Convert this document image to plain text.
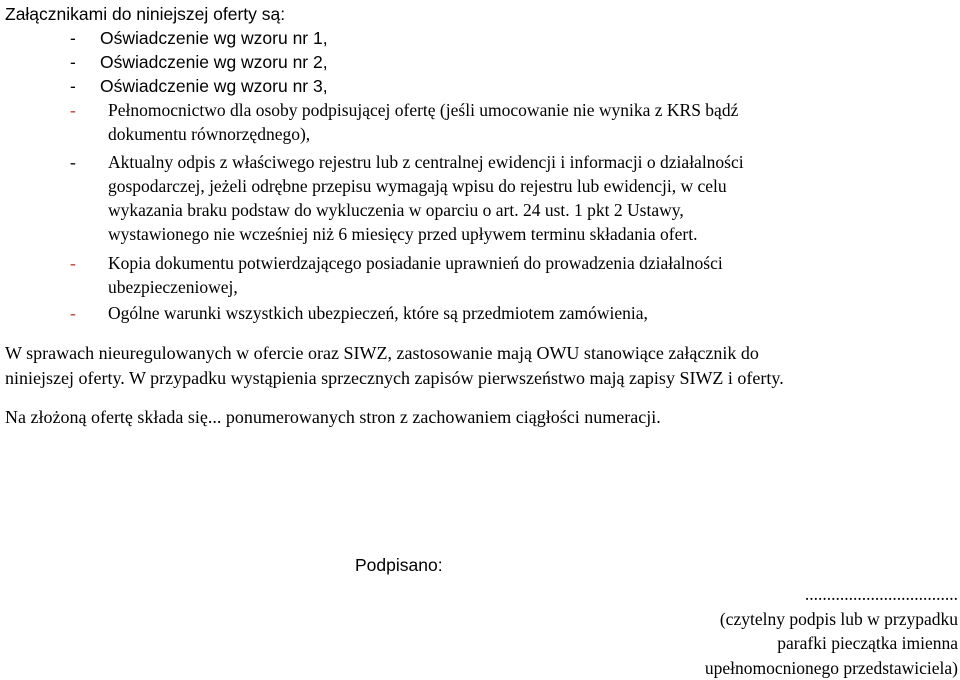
Załącznikami do niniejszej oferty są:
-	Oświadczenie wg wzoru nr 1,
-	Oświadczenie wg wzoru nr 2,
-	Oświadczenie wg wzoru nr 3,
-	Pełnomocnictwo dla osoby podpisującej ofertę (jeśli umocowanie nie wynika z KRS bądź
dokumentu równorzędnego),
-	Aktualny odpis z właściwego rejestru lub z centralnej ewidencji i informacji o działalności
gospodarczej, jeżeli odrębne przepisu wymagają wpisu do rejestru lub ewidencji, w celu
wykazania braku podstaw do wykluczenia w oparciu o art. 24 ust. 1 pkt 2 Ustawy,
wystawionego nie wcześniej niż 6 miesięcy przed upływem terminu składania ofert.
-	Kopia dokumentu potwierdzającego posiadanie uprawnień do prowadzenia działalności
ubezpieczeniowej,
-	Ogólne warunki wszystkich ubezpieczeń, które są przedmiotem zamówienia,
W sprawach nieuregulowanych w ofercie oraz SIWZ, zastosowanie mają OWU stanowiące załącznik do
niniejszej oferty. W przypadku wystąpienia sprzecznych zapisów pierwszeństwo mają zapisy SIWZ i oferty.
Na złożoną ofertę składa się... ponumerowanych stron z zachowaniem ciągłości numeracji.
Podpisano:
...................................
(czytelny podpis lub w przypadku
parafki pieczątka imienna
upełnomocnionego przedstawiciela)
